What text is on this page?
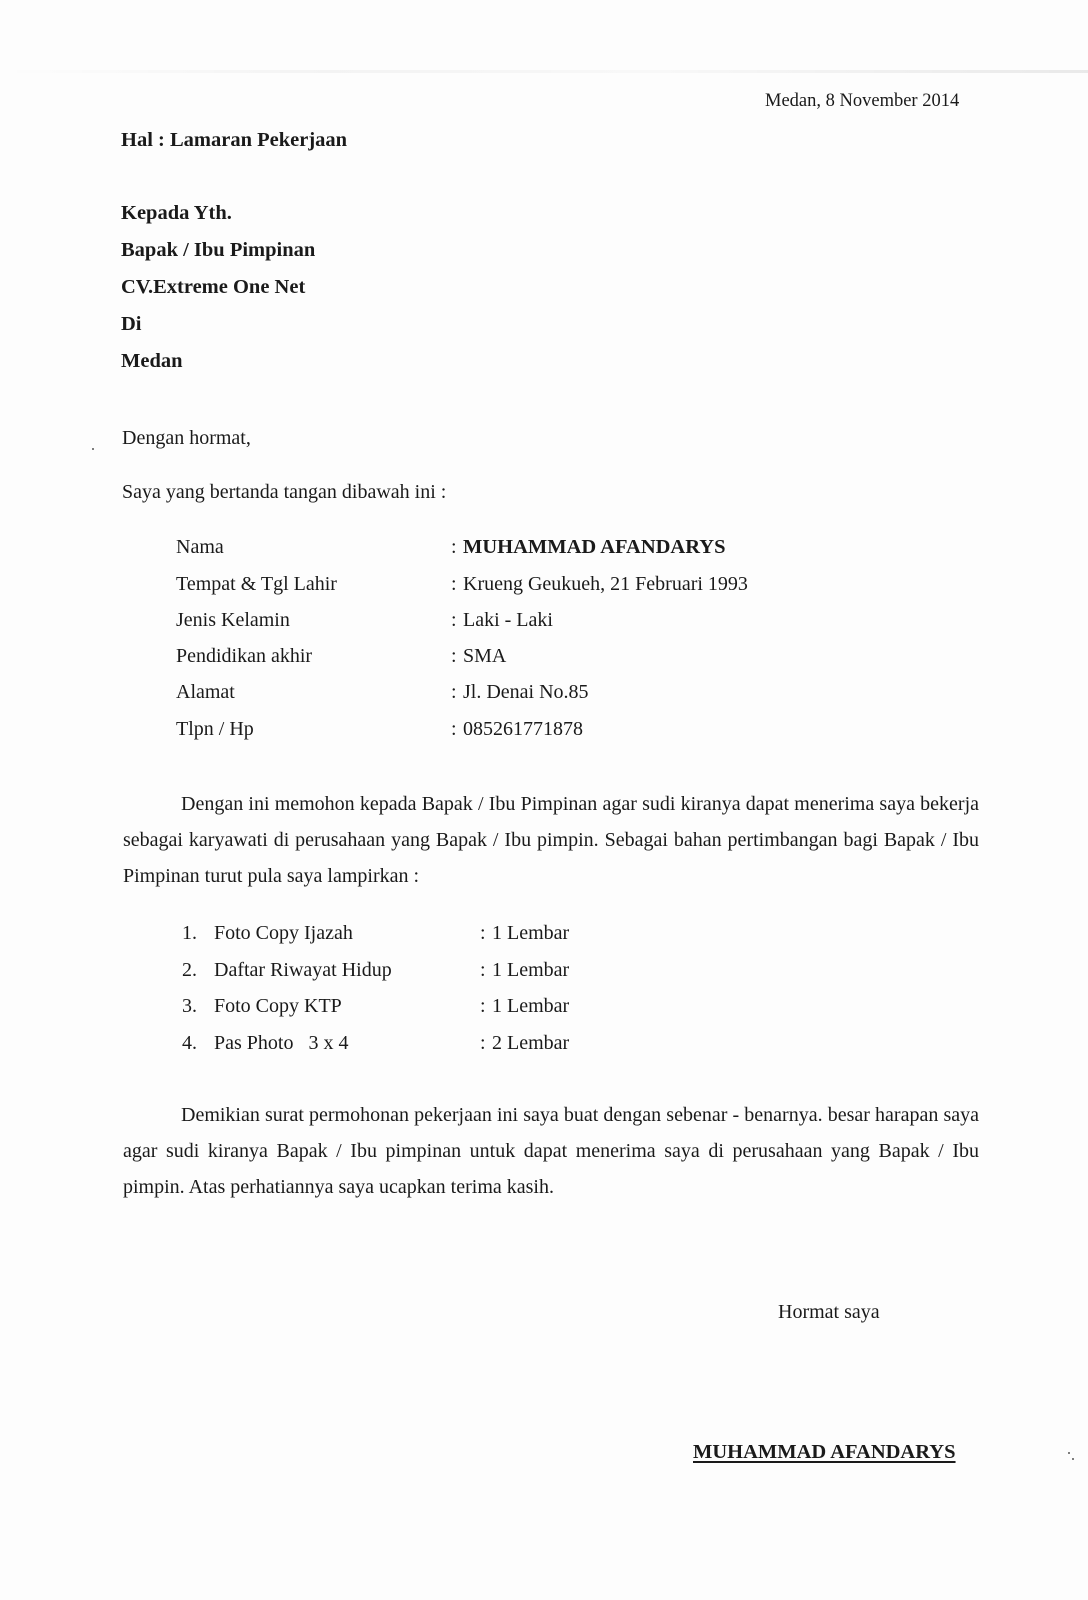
Medan, 8 November 2014
Hal : Lamaran Pekerjaan
Kepada Yth.
Bapak / Ibu Pimpinan
CV.Extreme One Net
Di
Medan
Dengan hormat,
Saya yang bertanda tangan dibawah ini :
Nama	: MUHAMMAD AFANDARYS
Tempat & Tgl Lahir	: Krueng Geukueh, 21 Februari 1993
Jenis Kelamin	: Laki - Laki
Pendidikan akhir	: SMA
Alamat	: Jl. Denai No.85
Tlpn / Hp	: 085261771878
Dengan ini memohon kepada Bapak / Ibu Pimpinan agar sudi kiranya dapat menerima saya bekerja sebagai karyawati di perusahaan yang Bapak / Ibu pimpin. Sebagai bahan pertimbangan bagi Bapak / Ibu Pimpinan turut pula saya lampirkan :
1. Foto Copy Ijazah	: 1 Lembar
2. Daftar Riwayat Hidup	: 1 Lembar
3. Foto Copy KTP	: 1 Lembar
4. Pas Photo   3 x 4	: 2 Lembar
Demikian surat permohonan pekerjaan ini saya buat dengan sebenar - benarnya. besar harapan saya agar sudi kiranya Bapak / Ibu pimpinan untuk dapat menerima saya di perusahaan yang Bapak / Ibu pimpin. Atas perhatiannya saya ucapkan terima kasih.
Hormat saya
MUHAMMAD AFANDARYS
